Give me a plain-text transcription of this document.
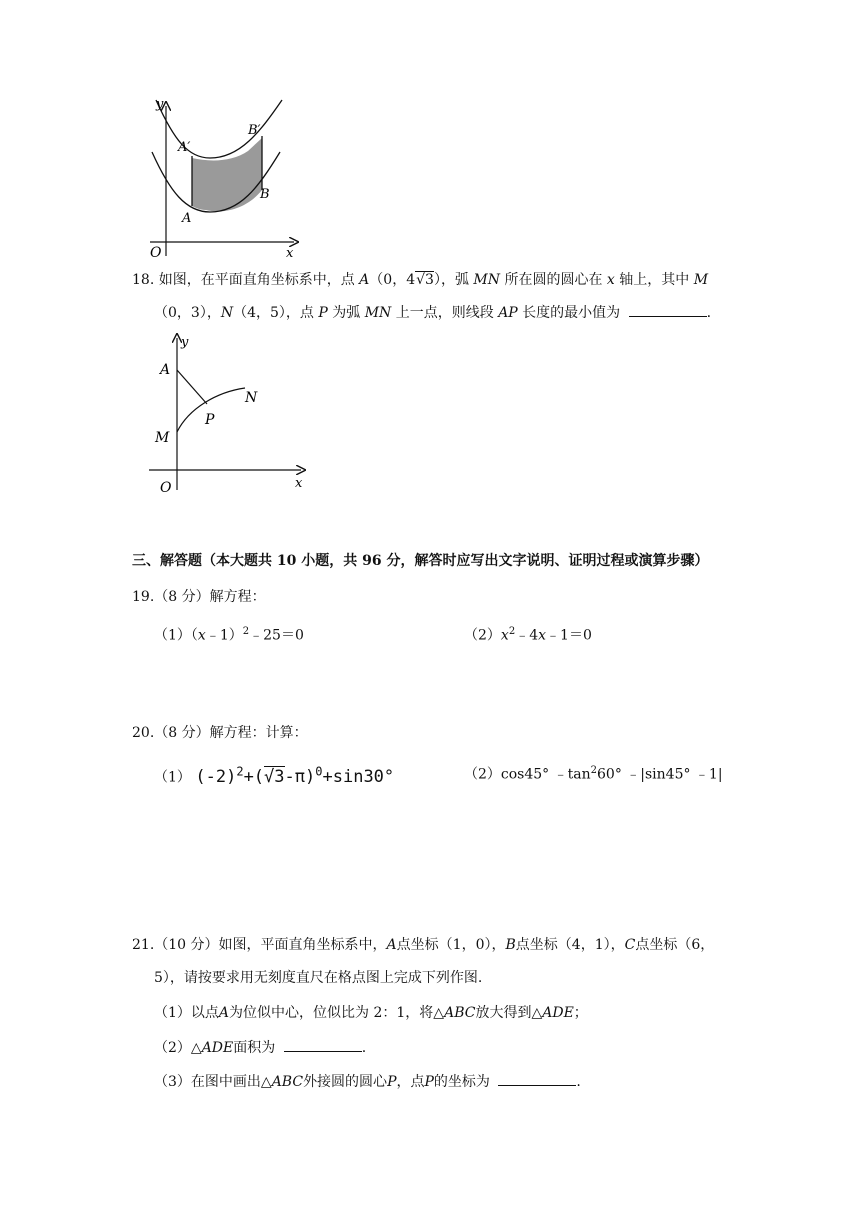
y
x
O
A′
B′
A
B
18. 如图，在平面直角坐标系中，点 A（0，4√3），弧 MN 所在圆的圆心在 x 轴上，其中 M
（0，3），N（4，5），点 P 为弧 MN 上一点，则线段 AP 长度的最小值为	.
y
x
O
A
M
N
P
三、解答题（本大题共 10 小题，共 96 分，解答时应写出文字说明、证明过程或演算步骤）
19.（8 分）解方程：
（1）（x﹣1）$^2$﹣25＝0	$(2)x^2﹣4x﹣1=0$
20.（8 分）解方程：计算：
（1） $(-2)^2+(√3-\pi)^0+\sin 30^\circ$	（2）cos45° $﹣\tan^260^\circ$ ﹣|sin45° ﹣1|
21.（10 分）如图，平面直角坐标系中，A点坐标（1，0），B点坐标（4，1），C点坐标（6，
5），请按要求用无刻度直尺在格点图上完成下列作图.
（1）以点A为位似中心，位似比为 2：1，将△ABC放大得到△ADE；
（2）△ADE面积为	.
（3）在图中画出△ABC外接圆的圆心P，点P的坐标为	.
